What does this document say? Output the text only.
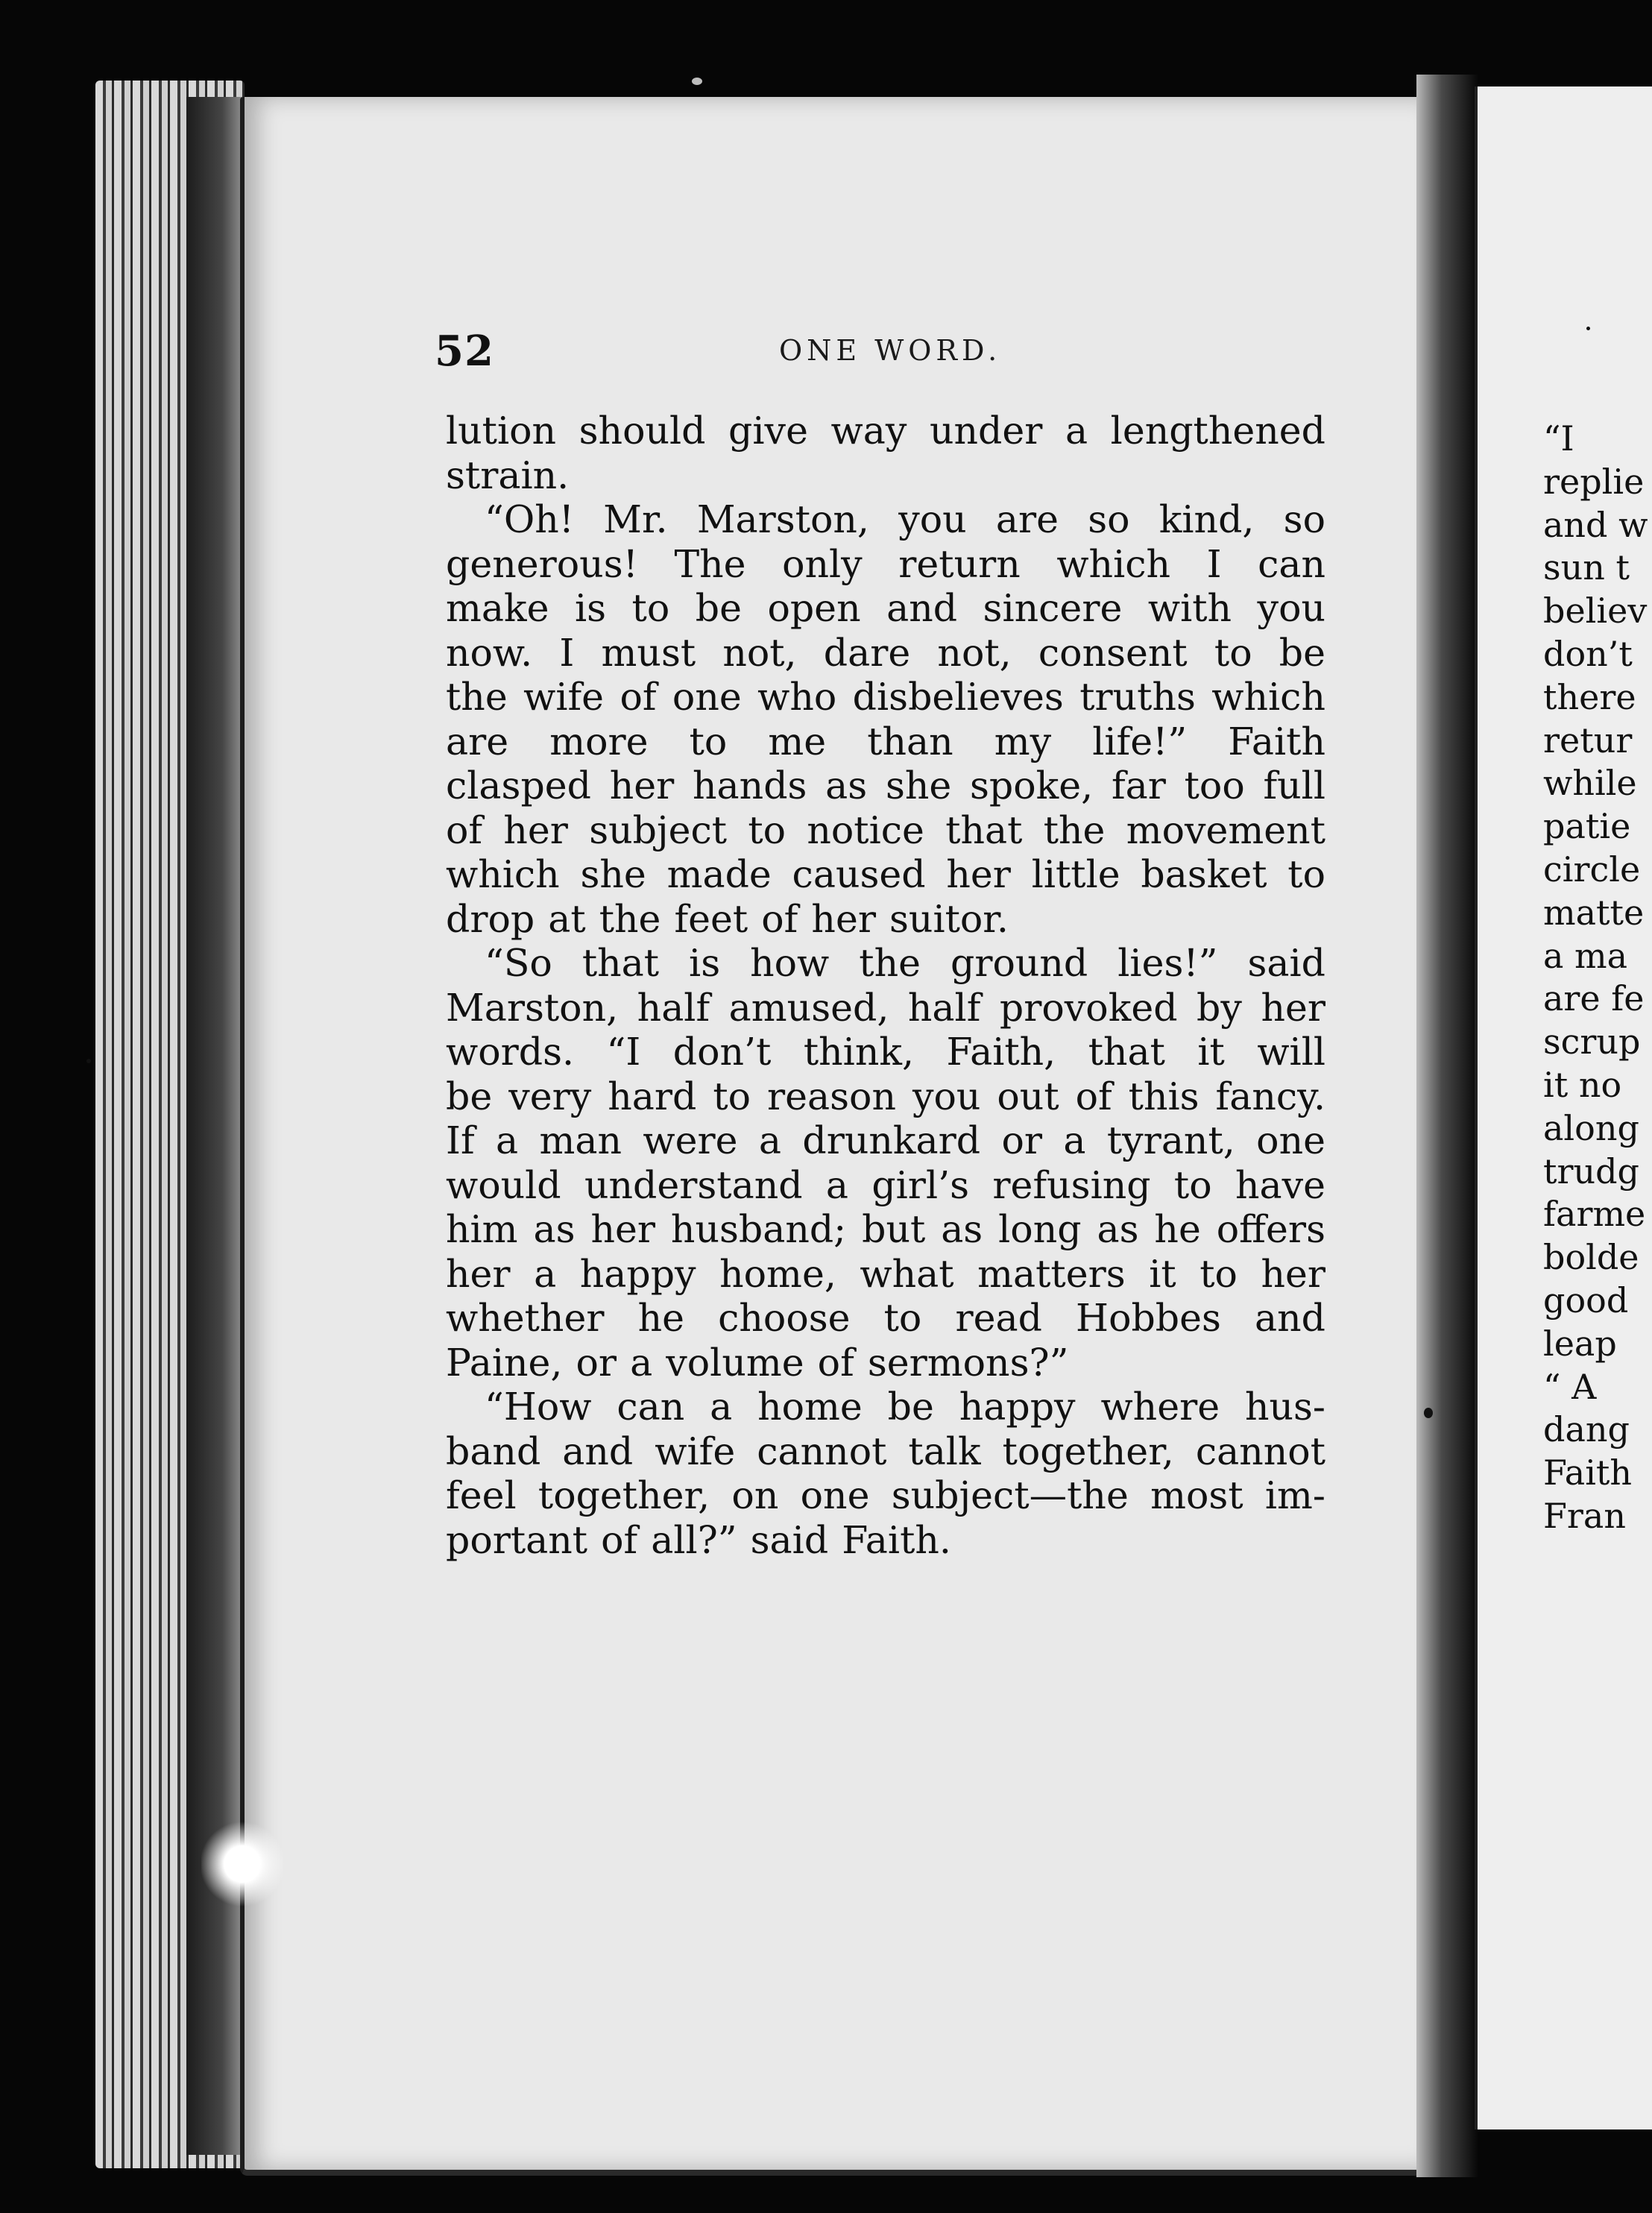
52	ONE WORD.
lution should give way under a lengthened
strain.
“Oh! Mr. Marston, you are so kind, so
generous! The only return which I can
make is to be open and sincere with you
now. I must not, dare not, consent to be
the wife of one who disbelieves truths which
are more to me than my life!” Faith
clasped her hands as she spoke, far too full
of her subject to notice that the movement
which she made caused her little basket to
drop at the feet of her suitor.
“So that is how the ground lies!” said
Marston, half amused, half provoked by her
words. “I don’t think, Faith, that it will
be very hard to reason you out of this fancy.
If a man were a drunkard or a tyrant, one
would understand a girl’s refusing to have
him as her husband; but as long as he offers
her a happy home, what matters it to her
whether he choose to read Hobbes and
Paine, or a volume of sermons?”
“How can a home be happy where hus-
band and wife cannot talk together, cannot
feel together, on one subject—the most im-
portant of all?” said Faith.
“I
replie
and w
sun t
believ
don’t
there
retur
while
patie
circle
matte
a ma
are fe
scrup
it no
along
trudg
farme
bolde
good
leap
“ A
dang
Faith
Fran
